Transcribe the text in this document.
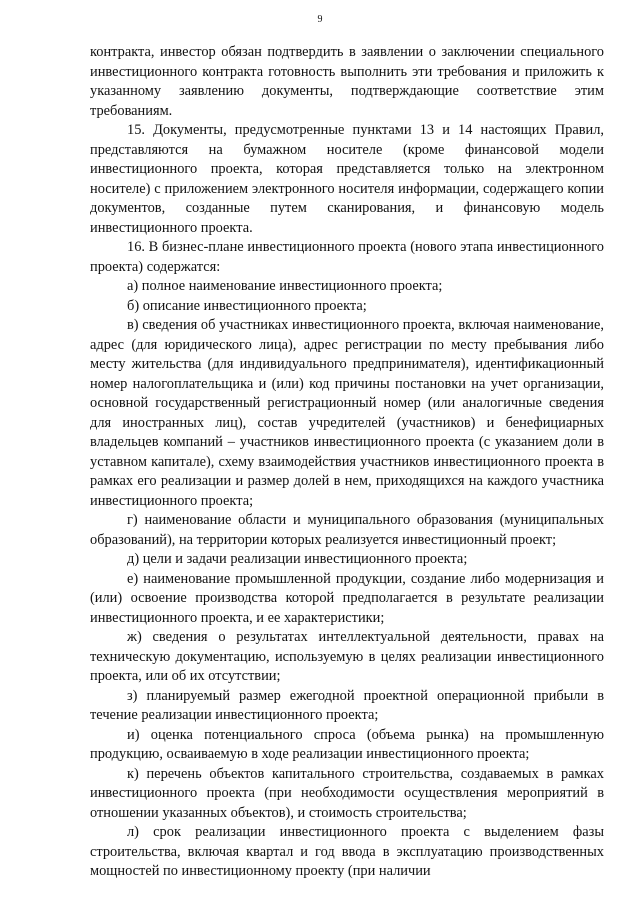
9

контракта, инвестор обязан подтвердить в заявлении о заключении специального инвестиционного контракта готовность выполнить эти требования и приложить к указанному заявлению документы, подтверждающие соответствие этим требованиям.

15. Документы, предусмотренные пунктами 13 и 14 настоящих Правил, представляются на бумажном носителе (кроме финансовой модели инвестиционного проекта, которая представляется только на электронном носителе) с приложением электронного носителя информации, содержащего копии документов, созданные путем сканирования, и финансовую модель инвестиционного проекта.

16. В бизнес-плане инвестиционного проекта (нового этапа инвестиционного проекта) содержатся:

а) полное наименование инвестиционного проекта;

б) описание инвестиционного проекта;

в) сведения об участниках инвестиционного проекта, включая наименование, адрес (для юридического лица), адрес регистрации по месту пребывания либо месту жительства (для индивидуального предпринимателя), идентификационный номер налогоплательщика и (или) код причины постановки на учет организации, основной государственный регистрационный номер (или аналогичные сведения для иностранных лиц), состав учредителей (участников) и бенефициарных владельцев компаний – участников инвестиционного проекта (с указанием доли в уставном капитале), схему взаимодействия участников инвестиционного проекта в рамках его реализации и размер долей в нем, приходящихся на каждого участника инвестиционного проекта;

г) наименование области и муниципального образования (муниципальных образований), на территории которых реализуется инвестиционный проект;

д) цели и задачи реализации инвестиционного проекта;

е) наименование промышленной продукции, создание либо модернизация и (или) освоение производства которой предполагается в результате реализации инвестиционного проекта, и ее характеристики;

ж) сведения о результатах интеллектуальной деятельности, правах на техническую документацию, используемую в целях реализации инвестиционного проекта, или об их отсутствии;

з) планируемый размер ежегодной проектной операционной прибыли в течение реализации инвестиционного проекта;

и) оценка потенциального спроса (объема рынка) на промышленную продукцию, осваиваемую в ходе реализации инвестиционного проекта;

к) перечень объектов капитального строительства, создаваемых в рамках инвестиционного проекта (при необходимости осуществления мероприятий в отношении указанных объектов), и стоимость строительства;

л) срок реализации инвестиционного проекта с выделением фазы строительства, включая квартал и год ввода в эксплуатацию производственных мощностей по инвестиционному проекту (при наличии
